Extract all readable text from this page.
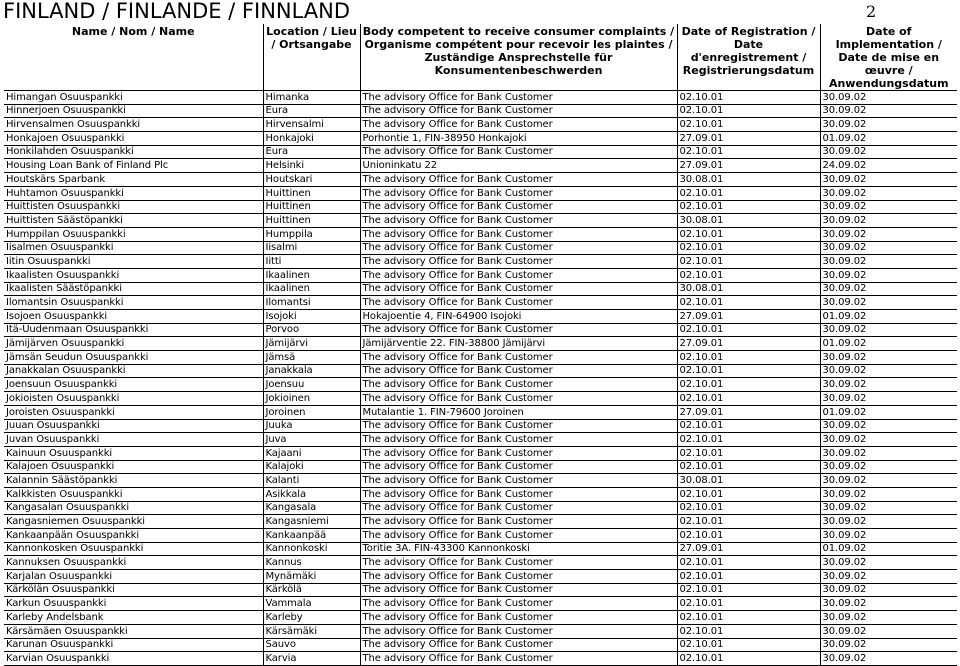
FINLAND / FINLANDE / FINNLAND	2
Name / Nom / Name	Location / Lieu / Ortsangabe	Body competent to receive consumer complaints / Organisme compétent pour recevoir les plaintes / Zuständige Ansprechstelle für Konsumentenbeschwerden	Date of Registration / Date d'enregistrement / Registrierungsdatum	Date of Implementation / Date de mise en œuvre / Anwendungsdatum
Himangan Osuuspankki	Himanka	The advisory Office for Bank Customer	02.10.01	30.09.02
Hinnerjoen Osuuspankki	Eura	The advisory Office for Bank Customer	02.10.01	30.09.02
Hirvensalmen Osuuspankki	Hirvensalmi	The advisory Office for Bank Customer	02.10.01	30.09.02
Honkajoen Osuuspankki	Honkajoki	Porhontie 1, FIN-38950 Honkajoki	27.09.01	01.09.02
Honkilahden Osuuspankki	Eura	The advisory Office for Bank Customer	02.10.01	30.09.02
Housing Loan Bank of Finland Plc	Helsinki	Unioninkatu 22	27.09.01	24.09.02
Houtskärs Sparbank	Houtskari	The advisory Office for Bank Customer	30.08.01	30.09.02
Huhtamon Osuuspankki	Huittinen	The advisory Office for Bank Customer	02.10.01	30.09.02
Huittisten Osuuspankki	Huittinen	The advisory Office for Bank Customer	02.10.01	30.09.02
Huittisten Säästöpankki	Huittinen	The advisory Office for Bank Customer	30.08.01	30.09.02
Humppilan Osuuspankki	Humppila	The advisory Office for Bank Customer	02.10.01	30.09.02
Iisalmen Osuuspankki	Iisalmi	The advisory Office for Bank Customer	02.10.01	30.09.02
Iitin Osuuspankki	Iitti	The advisory Office for Bank Customer	02.10.01	30.09.02
Ikaalisten Osuuspankki	Ikaalinen	The advisory Office for Bank Customer	02.10.01	30.09.02
Ikaalisten Säästöpankki	Ikaalinen	The advisory Office for Bank Customer	30.08.01	30.09.02
Ilomantsin Osuuspankki	Ilomantsi	The advisory Office for Bank Customer	02.10.01	30.09.02
Isojoen Osuuspankki	Isojoki	Hokajoentie 4, FIN-64900 Isojoki	27.09.01	01.09.02
Itä-Uudenmaan Osuuspankki	Porvoo	The advisory Office for Bank Customer	02.10.01	30.09.02
Jämijärven Osuuspankki	Jämijärvi	Jämijärventie 22. FIN-38800 Jämijärvi	27.09.01	01.09.02
Jämsän Seudun Osuuspankki	Jämsä	The advisory Office for Bank Customer	02.10.01	30.09.02
Janakkalan Osuuspankki	Janakkala	The advisory Office for Bank Customer	02.10.01	30.09.02
Joensuun Osuuspankki	Joensuu	The advisory Office for Bank Customer	02.10.01	30.09.02
Jokioisten Osuuspankki	Jokioinen	The advisory Office for Bank Customer	02.10.01	30.09.02
Joroisten Osuuspankki	Joroinen	Mutalantie 1. FIN-79600 Joroinen	27.09.01	01.09.02
Juuan Osuuspankki	Juuka	The advisory Office for Bank Customer	02.10.01	30.09.02
Juvan Osuuspankki	Juva	The advisory Office for Bank Customer	02.10.01	30.09.02
Kainuun Osuuspankki	Kajaani	The advisory Office for Bank Customer	02.10.01	30.09.02
Kalajoen Osuuspankki	Kalajoki	The advisory Office for Bank Customer	02.10.01	30.09.02
Kalannin Säästöpankki	Kalanti	The advisory Office for Bank Customer	30.08.01	30.09.02
Kalkkisten Osuuspankki	Asikkala	The advisory Office for Bank Customer	02.10.01	30.09.02
Kangasalan Osuuspankki	Kangasala	The advisory Office for Bank Customer	02.10.01	30.09.02
Kangasniemen Osuuspankki	Kangasniemi	The advisory Office for Bank Customer	02.10.01	30.09.02
Kankaanpään Osuuspankki	Kankaanpää	The advisory Office for Bank Customer	02.10.01	30.09.02
Kannonkosken Osuuspankki	Kannonkoski	Toritie 3A. FIN-43300 Kannonkoski	27.09.01	01.09.02
Kannuksen Osuuspankki	Kannus	The advisory Office for Bank Customer	02.10.01	30.09.02
Karjalan Osuuspankki	Mynämäki	The advisory Office for Bank Customer	02.10.01	30.09.02
Kärkölän Osuuspankki	Kärkölä	The advisory Office for Bank Customer	02.10.01	30.09.02
Karkun Osuuspankki	Vammala	The advisory Office for Bank Customer	02.10.01	30.09.02
Karleby Andelsbank	Karleby	The advisory Office for Bank Customer	02.10.01	30.09.02
Kärsämäen Osuuspankki	Kärsämäki	The advisory Office for Bank Customer	02.10.01	30.09.02
Karunan Osuuspankki	Sauvo	The advisory Office for Bank Customer	02.10.01	30.09.02
Karvian Osuuspankki	Karvia	The advisory Office for Bank Customer	02.10.01	30.09.02
